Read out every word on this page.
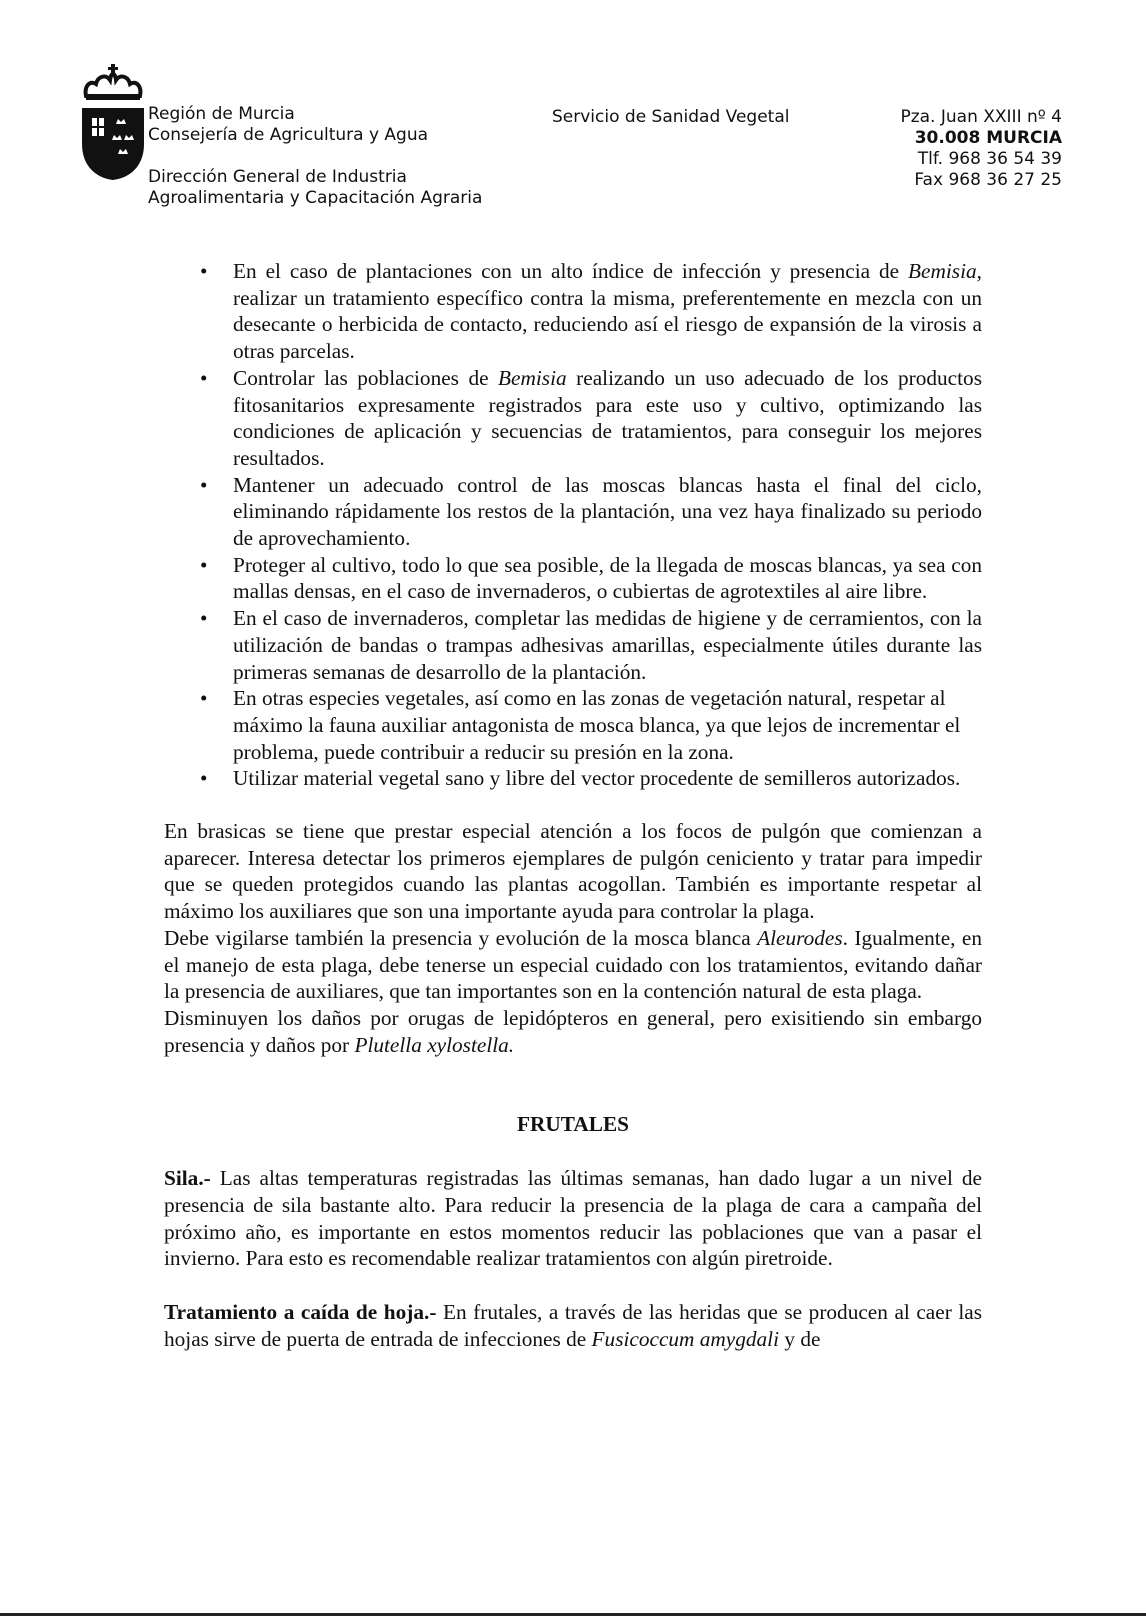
Región de Murcia
Consejería de Agricultura y Agua
Dirección General de Industria
Agroalimentaria y Capacitación Agraria
Servicio de Sanidad Vegetal	Pza. Juan XXIII nº 4
30.008 MURCIA
Tlf. 968 36 54 39
Fax 968 36 27 25
• En el caso de plantaciones con un alto índice de infección y presencia de Bemisia, realizar un tratamiento específico contra la misma, preferentemente en mezcla con un desecante o herbicida de contacto, reduciendo así el riesgo de expansión de la virosis a otras parcelas.
• Controlar las poblaciones de Bemisia realizando un uso adecuado de los productos fitosanitarios expresamente registrados para este uso y cultivo, optimizando las condiciones de aplicación y secuencias de tratamientos, para conseguir los mejores resultados.
• Mantener un adecuado control de las moscas blancas hasta el final del ciclo, eliminando rápidamente los restos de la plantación, una vez haya finalizado su periodo de aprovechamiento.
• Proteger al cultivo, todo lo que sea posible, de la llegada de moscas blancas, ya sea con mallas densas, en el caso de invernaderos, o cubiertas de agrotextiles al aire libre.
• En el caso de invernaderos, completar las medidas de higiene y de cerramientos, con la utilización de bandas o trampas adhesivas amarillas, especialmente útiles durante las primeras semanas de desarrollo de la plantación.
• En otras especies vegetales, así como en las zonas de vegetación natural, respetar al máximo la fauna auxiliar antagonista de mosca blanca, ya que lejos de incrementar el problema, puede contribuir a reducir su presión en la zona.
• Utilizar material vegetal sano y libre del vector procedente de semilleros autorizados.

En brasicas se tiene que prestar especial atención a los focos de pulgón que comienzan a aparecer. Interesa detectar los primeros ejemplares de pulgón ceniciento y tratar para impedir que se queden protegidos cuando las plantas acogollan. También es importante respetar al máximo los auxiliares que son una importante ayuda para controlar la plaga.

Debe vigilarse también la presencia y evolución de la mosca blanca Aleurodes. Igualmente, en el manejo de esta plaga, debe tenerse un especial cuidado con los tratamientos, evitando dañar la presencia de auxiliares, que tan importantes son en la contención natural de esta plaga.

Disminuyen los daños por orugas de lepidópteros en general, pero exisitiendo sin embargo presencia y daños por Plutella xylostella.

FRUTALES

Sila.- Las altas temperaturas registradas las últimas semanas, han dado lugar a un nivel de presencia de sila bastante alto. Para reducir la presencia de la plaga de cara a campaña del próximo año, es importante en estos momentos reducir las poblaciones que van a pasar el invierno. Para esto es recomendable realizar tratamientos con algún piretroide.

Tratamiento a caída de hoja.- En frutales, a través de las heridas que se producen al caer las hojas sirve de puerta de entrada de infecciones de Fusicoccum amygdali y de
